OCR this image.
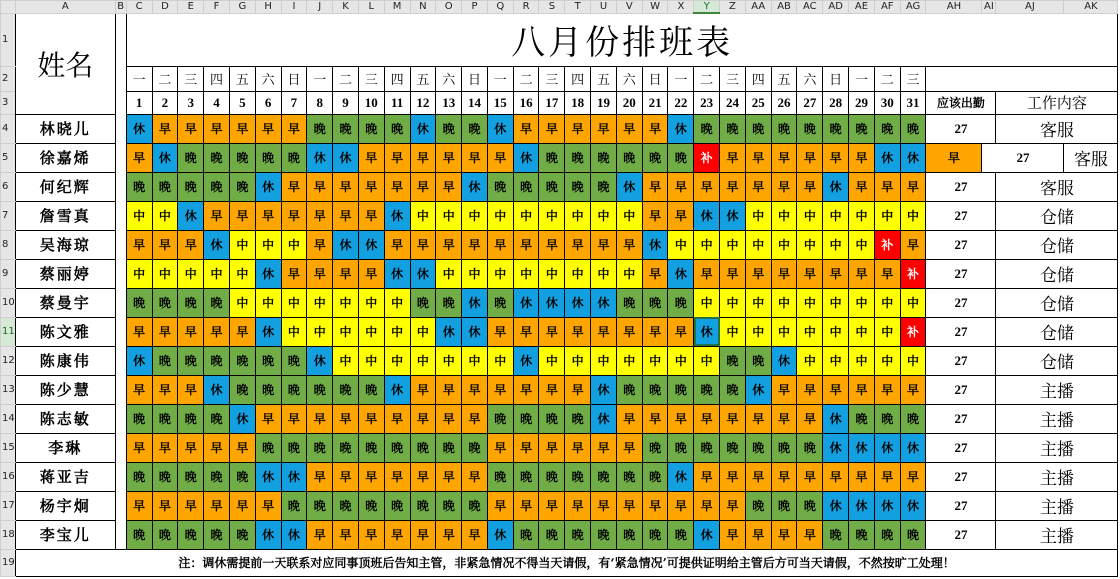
	A	B	C	D	E	F	G	H	I	J	K	L	M	N	O	P	Q	R	S	T	U	V	W	X	Y	Z	AA	AB	AC	AD	AE	AF	AG	AH	AI	AJ	AK
1	姓名		八月份排班表																																		
2			一	二	三	四	五	六	日	一	二	三	四	五	六	日	一	二	三	四	五	六	日	一	二	三	四	五	六	日	一	二	三				
3			1	2	3	4	5	6	7	8	9	10	11	12	13	14	15	16	17	18	19	20	21	22	23	24	25	26	27	28	29	30	31	应该出勤		工作内容	
4	林晓儿		休	早	早	早	早	早	早	晚	晚	晚	晚	休	晚	晚	休	早	早	早	早	早	早	休	晚	晚	晚	晚	晚	晚	晚	晚	晚	27		客服	
5	徐嘉烯		早	休	晚	晚	晚	晚	晚	休	休	早	早	早	早	早	早	休	晚	晚	晚	晚	晚	晚	补	早	早	早	早	早	早	休	休	早	27		客服
6	何纪辉		晚	晚	晚	晚	晚	休	早	早	早	早	早	早	早	休	晚	晚	晚	晚	晚	休	早	早	早	早	早	早	早	休	早	早	早	27		客服	
7	詹雪真		中	中	休	早	早	早	早	早	早	早	休	中	中	中	中	中	中	中	中	中	早	早	休	休	中	中	中	中	中	中	中	27		仓储	
8	吴海琼		早	早	早	休	中	中	中	早	休	休	早	早	早	早	早	早	早	早	早	早	休	中	中	中	中	中	中	中	中	补	早	27		仓储	
9	蔡丽婷		中	中	中	中	中	休	早	早	早	早	休	休	中	中	中	中	中	中	中	中	早	休	早	早	早	早	早	早	早	早	补	27		仓储	
10	蔡曼宇		晚	晚	晚	晚	中	中	中	中	中	中	中	晚	晚	休	晚	休	休	休	休	晚	晚	晚	中	中	中	中	中	中	中	中	中	27		仓储	
11	陈文雅		早	早	早	早	早	休	中	中	中	中	中	中	休	休	早	早	早	早	早	早	早	早	休	中	中	中	中	中	中	中	补	27		仓储	
12	陈康伟		休	晚	晚	晚	晚	晚	晚	休	中	中	中	中	中	中	中	休	中	中	中	中	中	中	中	晚	晚	休	中	中	中	中	中	27		仓储	
13	陈少慧		早	早	早	休	晚	晚	晚	晚	晚	晚	休	早	早	早	早	早	早	早	休	晚	晚	晚	晚	晚	休	早	早	早	早	早	早	27		主播	
14	陈志敏		晚	晚	晚	晚	休	早	早	早	早	早	早	早	早	早	晚	晚	晚	晚	休	早	早	早	早	早	早	早	早	休	晚	晚	晚	27		主播	
15	李琳		早	早	早	早	早	晚	晚	晚	晚	晚	晚	晚	晚	晚	早	早	早	早	早	早	晚	晚	晚	晚	晚	晚	晚	休	休	休	休	27		主播	
16	蒋亚吉		晚	晚	晚	晚	晚	休	休	早	早	早	早	早	早	早	晚	晚	晚	晚	晚	晚	晚	休	早	早	早	早	早	早	早	早	早	27		主播	
17	杨宇炯		早	早	早	早	早	早	晚	晚	晚	晚	晚	晚	晚	晚	早	早	早	早	早	早	早	早	早	早	晚	晚	晚	休	休	休	休	27		主播	
18	李宝儿		晚	晚	晚	晚	晚	休	休	早	早	早	早	早	早	早	休	晚	晚	晚	晚	晚	晚	晚	休	早	早	早	早	晚	晚	晚	晚	27		主播	
19	注：调休需提前一天联系对应同事顶班后告知主管，非紧急情况不得当天请假，有‘紧急情况’可提供证明给主管后方可当天请假，不然按旷工处理！																																				
